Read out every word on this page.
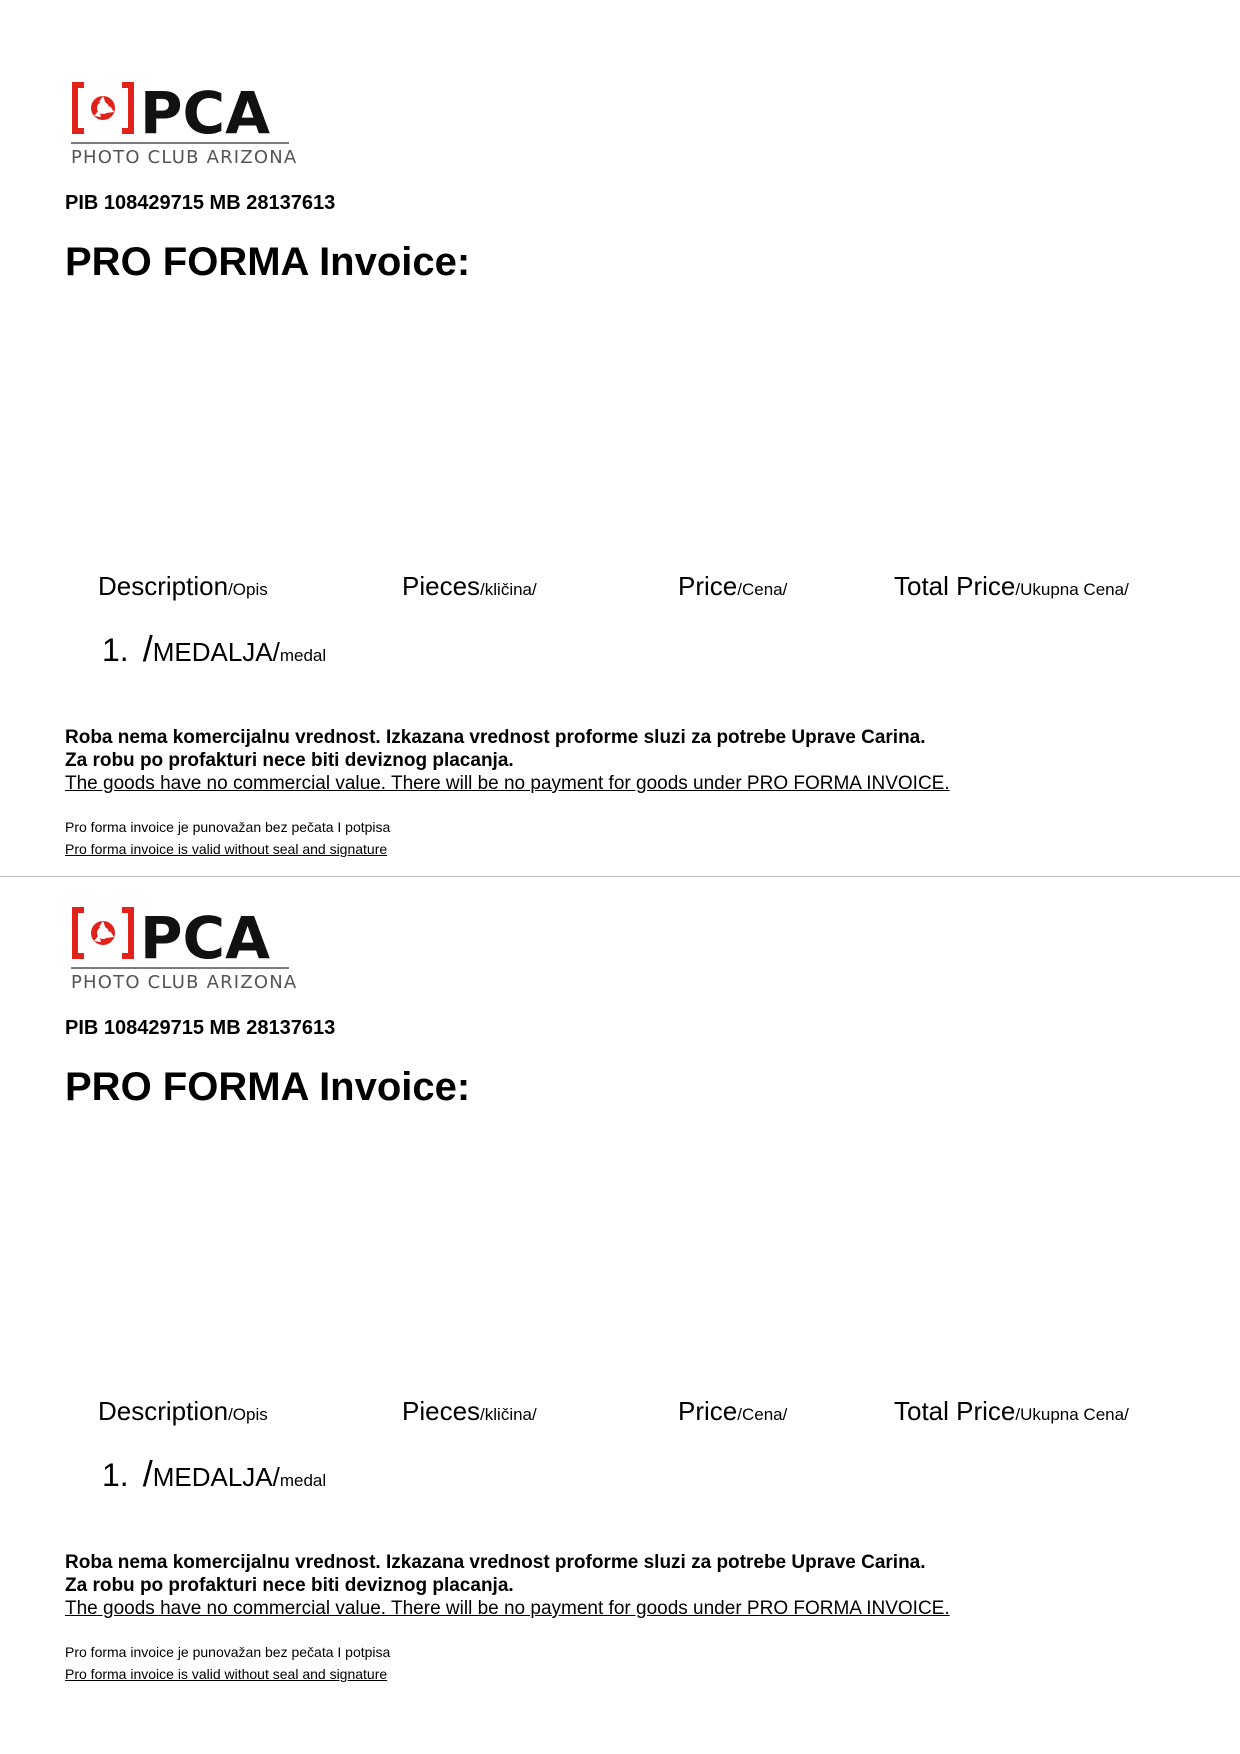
PCA
PHOTO CLUB ARIZONA
PIB 108429715 MB 28137613
PRO FORMA Invoice:
Description/Opis	Pieces/kličina/	Price/Cena/	Total Price/Ukupna Cena/
1. /MEDALJA/medal
Roba nema komercijalnu vrednost. Izkazana vrednost proforme sluzi za potrebe Uprave Carina.
Za robu po profakturi nece biti deviznog placanja.
The goods have no commercial value. There will be no payment for goods under PRO FORMA INVOICE.
Pro forma invoice je punovažan bez pečata I potpisa
Pro forma invoice is valid without seal and signature
PCA
PHOTO CLUB ARIZONA
PIB 108429715 MB 28137613
PRO FORMA Invoice:
Description/Opis	Pieces/kličina/	Price/Cena/	Total Price/Ukupna Cena/
1. /MEDALJA/medal
Roba nema komercijalnu vrednost. Izkazana vrednost proforme sluzi za potrebe Uprave Carina.
Za robu po profakturi nece biti deviznog placanja.
The goods have no commercial value. There will be no payment for goods under PRO FORMA INVOICE.
Pro forma invoice je punovažan bez pečata I potpisa
Pro forma invoice is valid without seal and signature
